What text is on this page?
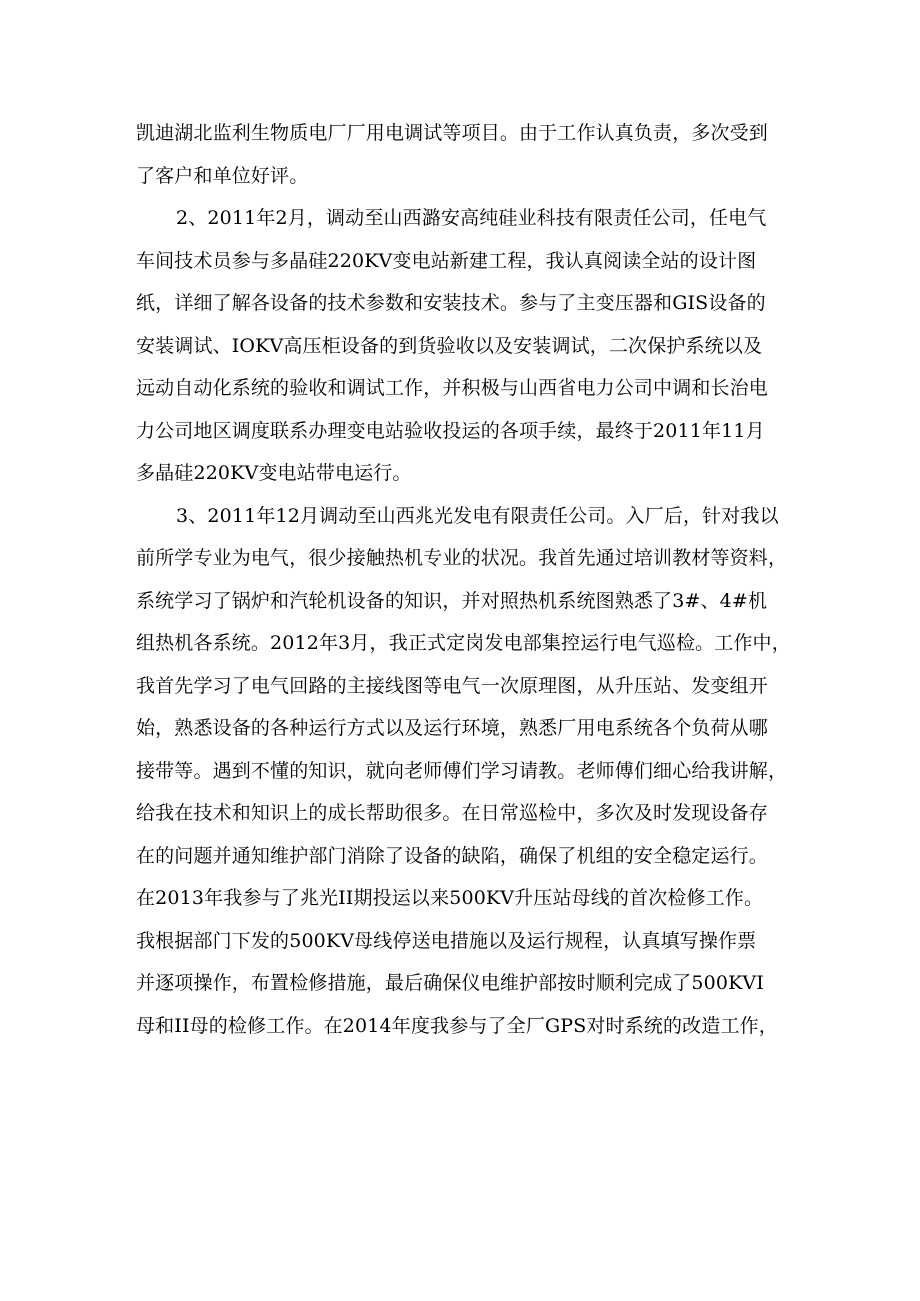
凯迪湖北监利生物质电厂厂用电调试等项目。由于工作认真负责，多次受到
了客户和单位好评。
2、2011年2月，调动至山西潞安高纯硅业科技有限责任公司，任电气
车间技术员参与多晶硅220KV变电站新建工程，我认真阅读全站的设计图
纸，详细了解各设备的技术参数和安装技术。参与了主变压器和GIS设备的
安装调试、IOKV高压柜设备的到货验收以及安装调试，二次保护系统以及
远动自动化系统的验收和调试工作，并积极与山西省电力公司中调和长治电
力公司地区调度联系办理变电站验收投运的各项手续，最终于2011年11月
多晶硅220KV变电站带电运行。
3、2011年12月调动至山西兆光发电有限责任公司。入厂后，针对我以
前所学专业为电气，很少接触热机专业的状况。我首先通过培训教材等资料，
系统学习了锅炉和汽轮机设备的知识，并对照热机系统图熟悉了3#、4#机
组热机各系统。2012年3月，我正式定岗发电部集控运行电气巡检。工作中，
我首先学习了电气回路的主接线图等电气一次原理图，从升压站、发变组开
始，熟悉设备的各种运行方式以及运行环境，熟悉厂用电系统各个负荷从哪
接带等。遇到不懂的知识，就向老师傅们学习请教。老师傅们细心给我讲解，
给我在技术和知识上的成长帮助很多。在日常巡检中，多次及时发现设备存
在的问题并通知维护部门消除了设备的缺陷，确保了机组的安全稳定运行。
在2013年我参与了兆光II期投运以来500KV升压站母线的首次检修工作。
我根据部门下发的500KV母线停送电措施以及运行规程，认真填写操作票
并逐项操作，布置检修措施，最后确保仪电维护部按时顺利完成了500KVI
母和II母的检修工作。在2014年度我参与了全厂GPS对时系统的改造工作，
